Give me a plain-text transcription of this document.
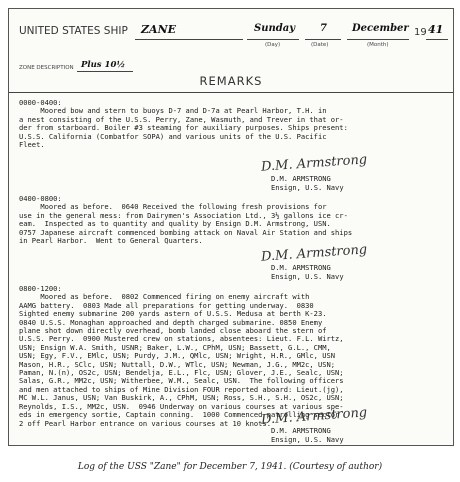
UNITED STATES SHIP ZANE	Sunday
(Day)
7
(Date)
December
(Month)
19 41
ZONE DESCRIPTION Plus 10½
REMARKS
0000-0400:
Moored bow and stern to buoys D-7 and D-7a at Pearl Harbor, T.H. in
a nest consisting of the U.S.S. Perry, Zane, Wasmuth, and Trever in that or-
der from starboard. Boiler #3 steaming for auxiliary purposes. Ships present:
U.S.S. California (Combatfor SOPA) and various units of the U.S. Pacific
Fleet.
D.M. Armstrong
D.M. ARMSTRONG
Ensign, U.S. Navy
0400-0800:
Moored as before.  0640 Received the following fresh provisions for
use in the general mess: from Dairymen's Association Ltd., 3½ gallons ice cr-
eam.  Inspected as to quantity and quality by Ensign D.M. Armstrong, USN.
0757 Japanese aircraft commenced bombing attack on Naval Air Station and ships
in Pearl Harbor.  Went to General Quarters.
D.M. Armstrong
D.M. ARMSTRONG
Ensign, U.S. Navy
0800-1200:
Moored as before.  0802 Commenced firing on enemy aircraft with
AAMG battery.  0803 Made all preparations for getting underway.  0830
Sighted enemy submarine 200 yards astern of U.S.S. Medusa at berth K-23.
0840 U.S.S. Monaghan approached and depth charged submarine. 0850 Enemy
plane shot down directly overhead, bomb landed close aboard the stern of
U.S.S. Perry.  0900 Mustered crew on stations, absentees: Lieut. F.L. Wirtz,
USN; Ensign W.A. Smith, USNR; Baker, L.W., CPhM, USN; Bassett, G.L., CMM,
USN; Egy, F.V., EMlc, USN; Purdy, J.M., QMlc, USN; Wright, H.R., GMlc, USN
Mason, H.R., SClc, USN; Nuttall, D.W., WTlc, USN; Newman, J.G., MM2c, USN;
Paman, N.(n), OS2c, USN; Bendelja, E.L., Flc, USN; Glover, J.E., Sealc, USN;
Salas, G.R., MM2c, USN; Witherbee, W.M., Sealc, USN.  The following officers
and men attached to ships of Mine Division FOUR reported aboard: Lieut.(jg),
MC W.L. Janus, USN; Van Buskirk, A., CPhM, USN; Ross, S.H., S.H., OS2c, USN;
Reynolds, I.S., MM2c, USN.  0946 Underway on various courses at various spe-
eds in emergency sortie, Captain conning.  1000 Commenced patrolling sector
2 off Pearl Harbor entrance on various courses at 10 knots.
D.M. Armstrong
D.M. ARMSTRONG
Ensign, U.S. Navy
Log of the USS "Zane" for December 7, 1941. (Courtesy of author)
